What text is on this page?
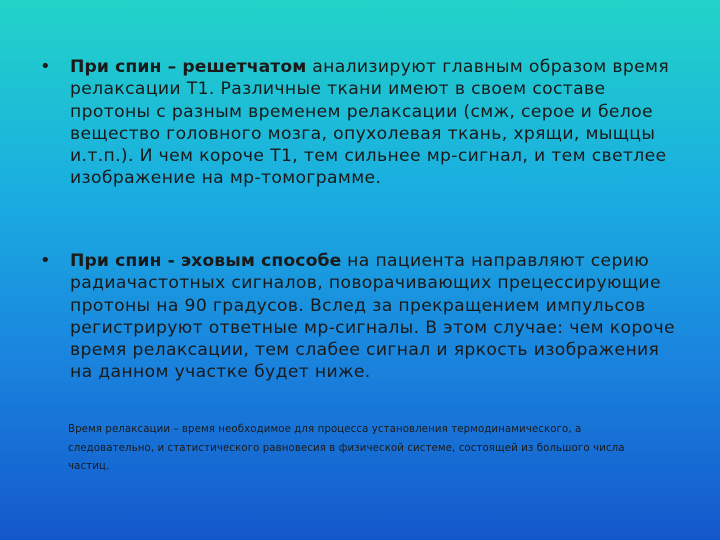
• При спин – решетчатом анализируют главным образом время релаксации Т1. Различные ткани имеют в своем составе протоны с разным временем релаксации (смж, серое и белое вещество головного мозга, опухолевая ткань, хрящи, мыщцы и.т.п.). И чем короче Т1, тем сильнее мр-сигнал, и тем светлее изображение на мр-томограмме.
• При спин - эховым способе на пациента направляют серию радиачастотных сигналов, поворачивающих прецессирующие протоны на 90 градусов. Вслед за прекращением импульсов регистрируют ответные мр-сигналы. В этом случае: чем короче время релаксации, тем слабее сигнал и яркость изображения на данном участке будет ниже.
Время релаксации – время необходимое для процесса установления термодинамического, а следовательно, и статистического равновесия в физической системе, состоящей из большого числа частиц.
